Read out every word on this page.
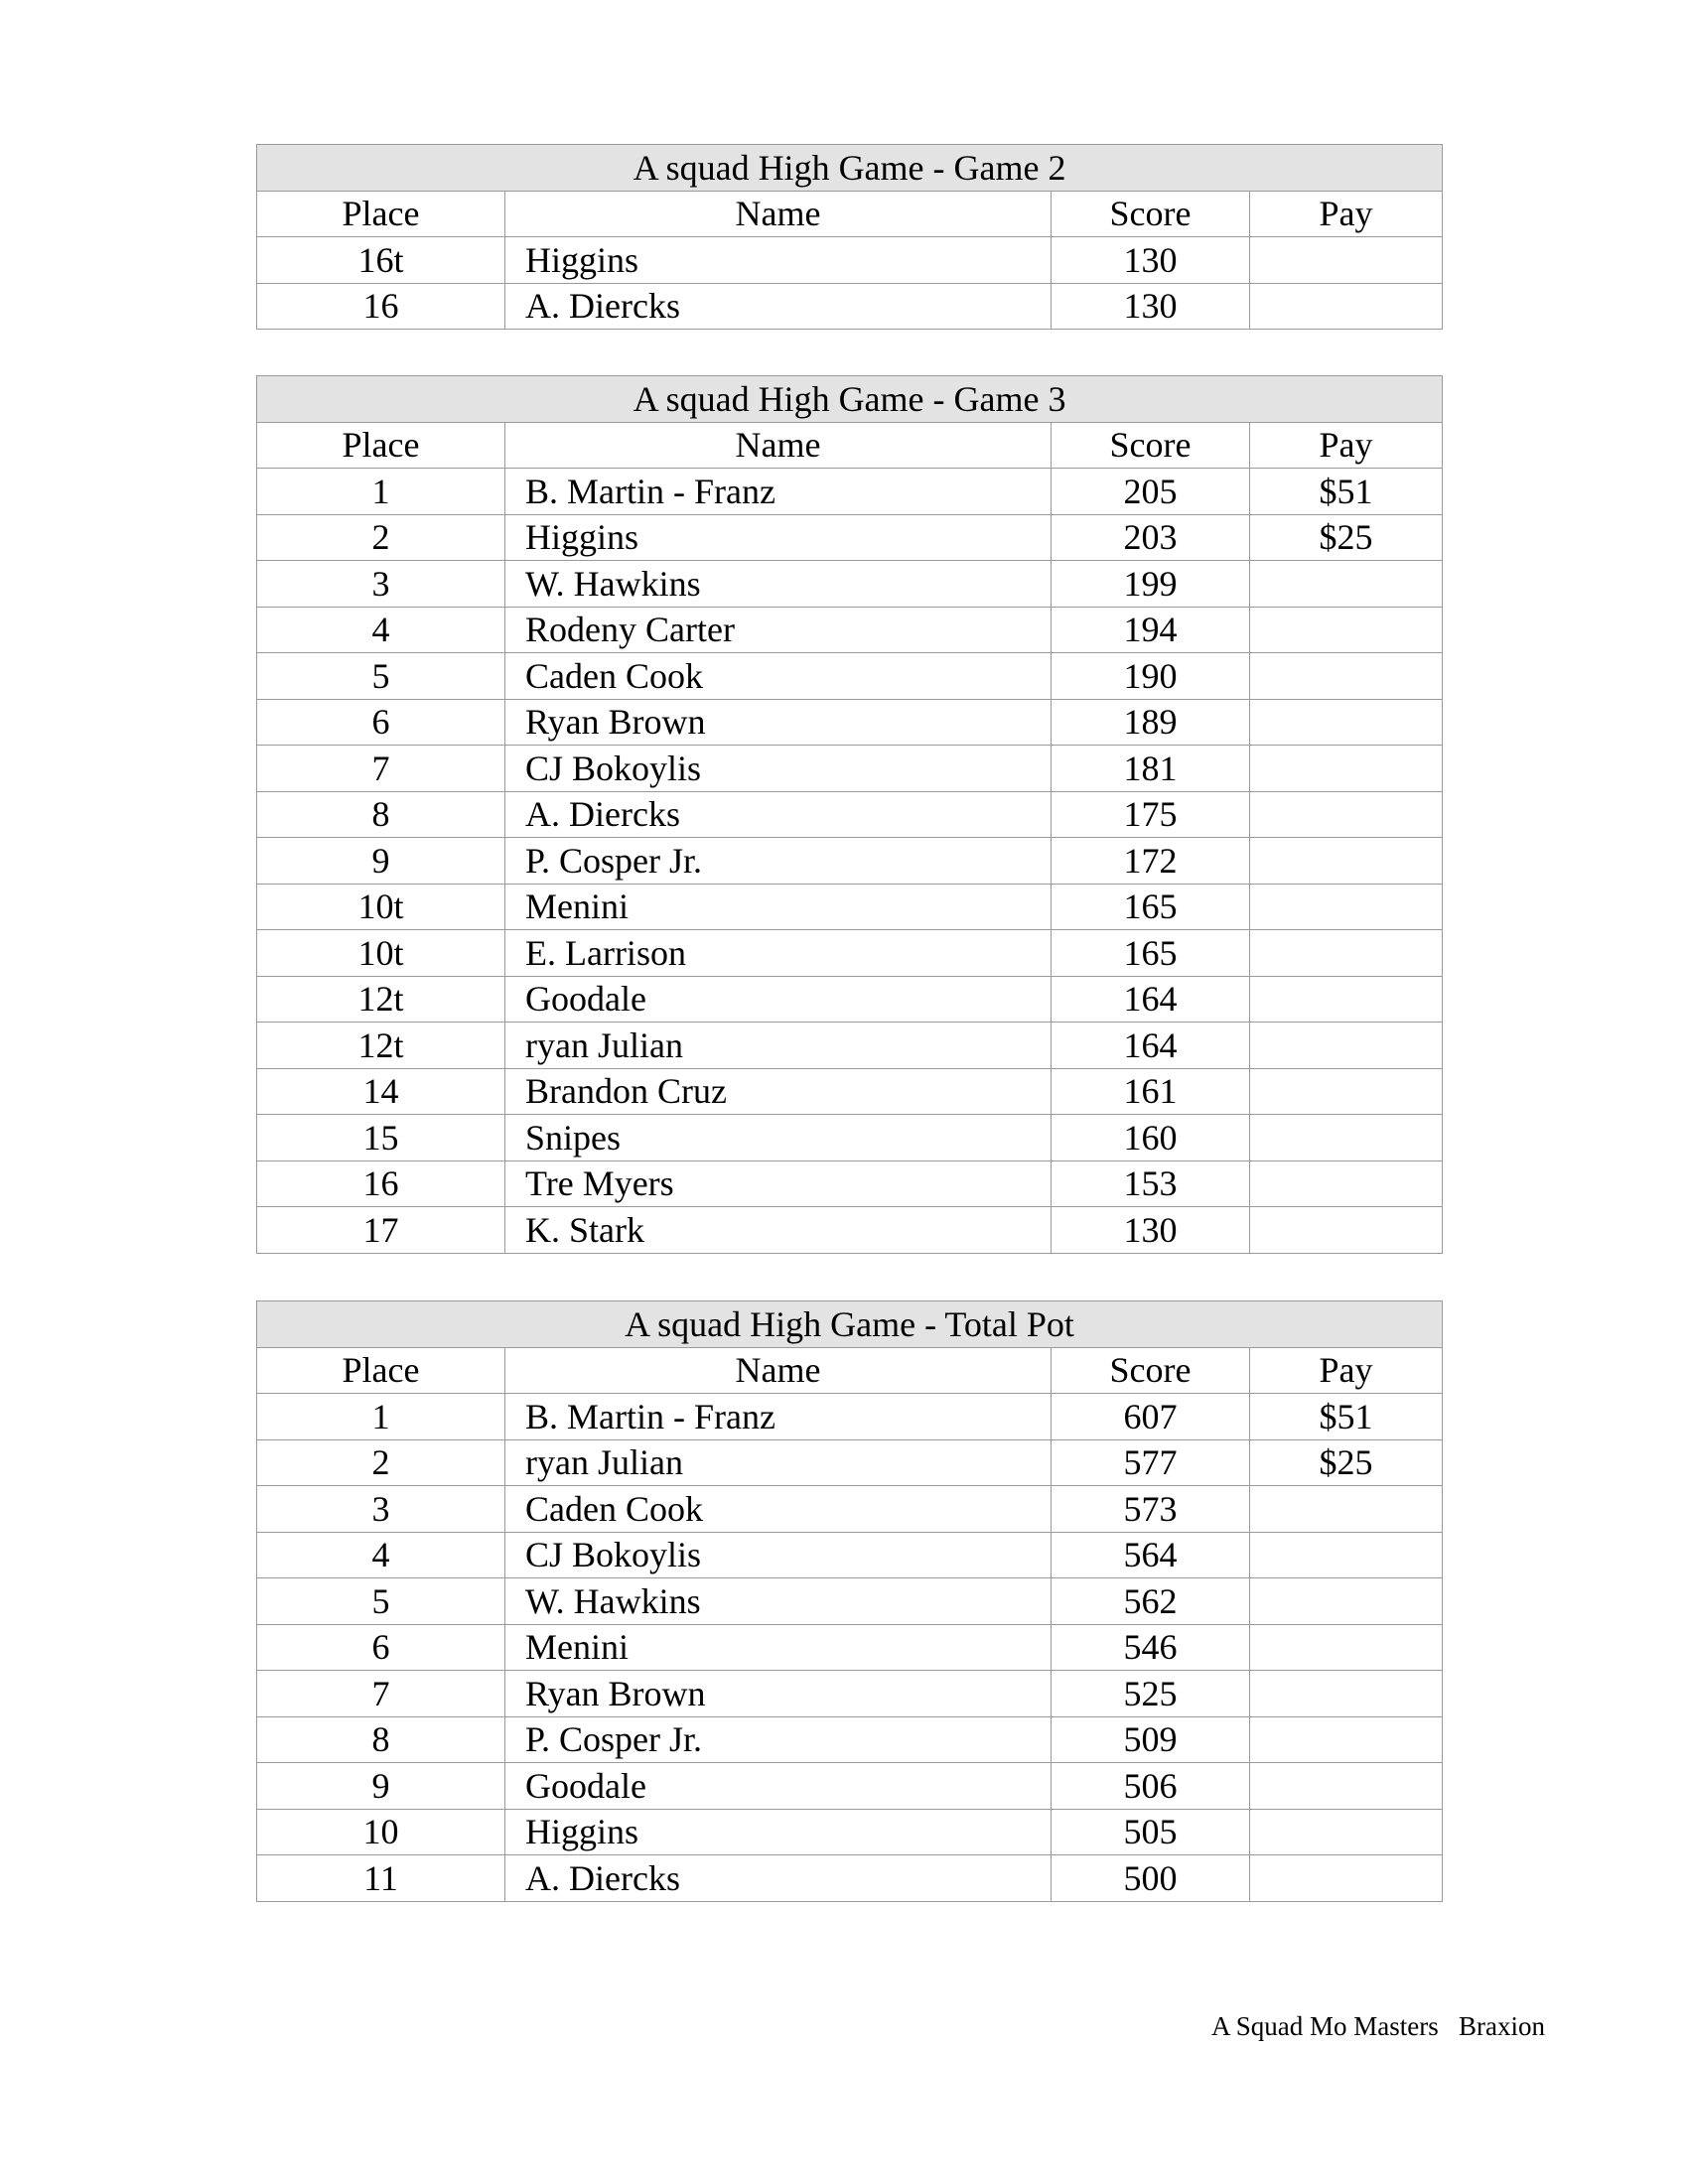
A squad High Game - Game 2			
Place	Name	Score	Pay
16t	Higgins	130	
16	A. Diercks	130	
A squad High Game - Game 3			
Place	Name	Score	Pay
1	B. Martin - Franz	205	$51
2	Higgins	203	$25
3	W. Hawkins	199	
4	Rodeny Carter	194	
5	Caden Cook	190	
6	Ryan Brown	189	
7	CJ Bokoylis	181	
8	A. Diercks	175	
9	P. Cosper Jr.	172	
10t	Menini	165	
10t	E. Larrison	165	
12t	Goodale	164	
12t	ryan Julian	164	
14	Brandon Cruz	161	
15	Snipes	160	
16	Tre Myers	153	
17	K. Stark	130	
A squad High Game - Total Pot			
Place	Name	Score	Pay
1	B. Martin - Franz	607	$51
2	ryan Julian	577	$25
3	Caden Cook	573	
4	CJ Bokoylis	564	
5	W. Hawkins	562	
6	Menini	546	
7	Ryan Brown	525	
8	P. Cosper Jr.	509	
9	Goodale	506	
10	Higgins	505	
11	A. Diercks	500	
A Squad Mo Masters   Braxion
